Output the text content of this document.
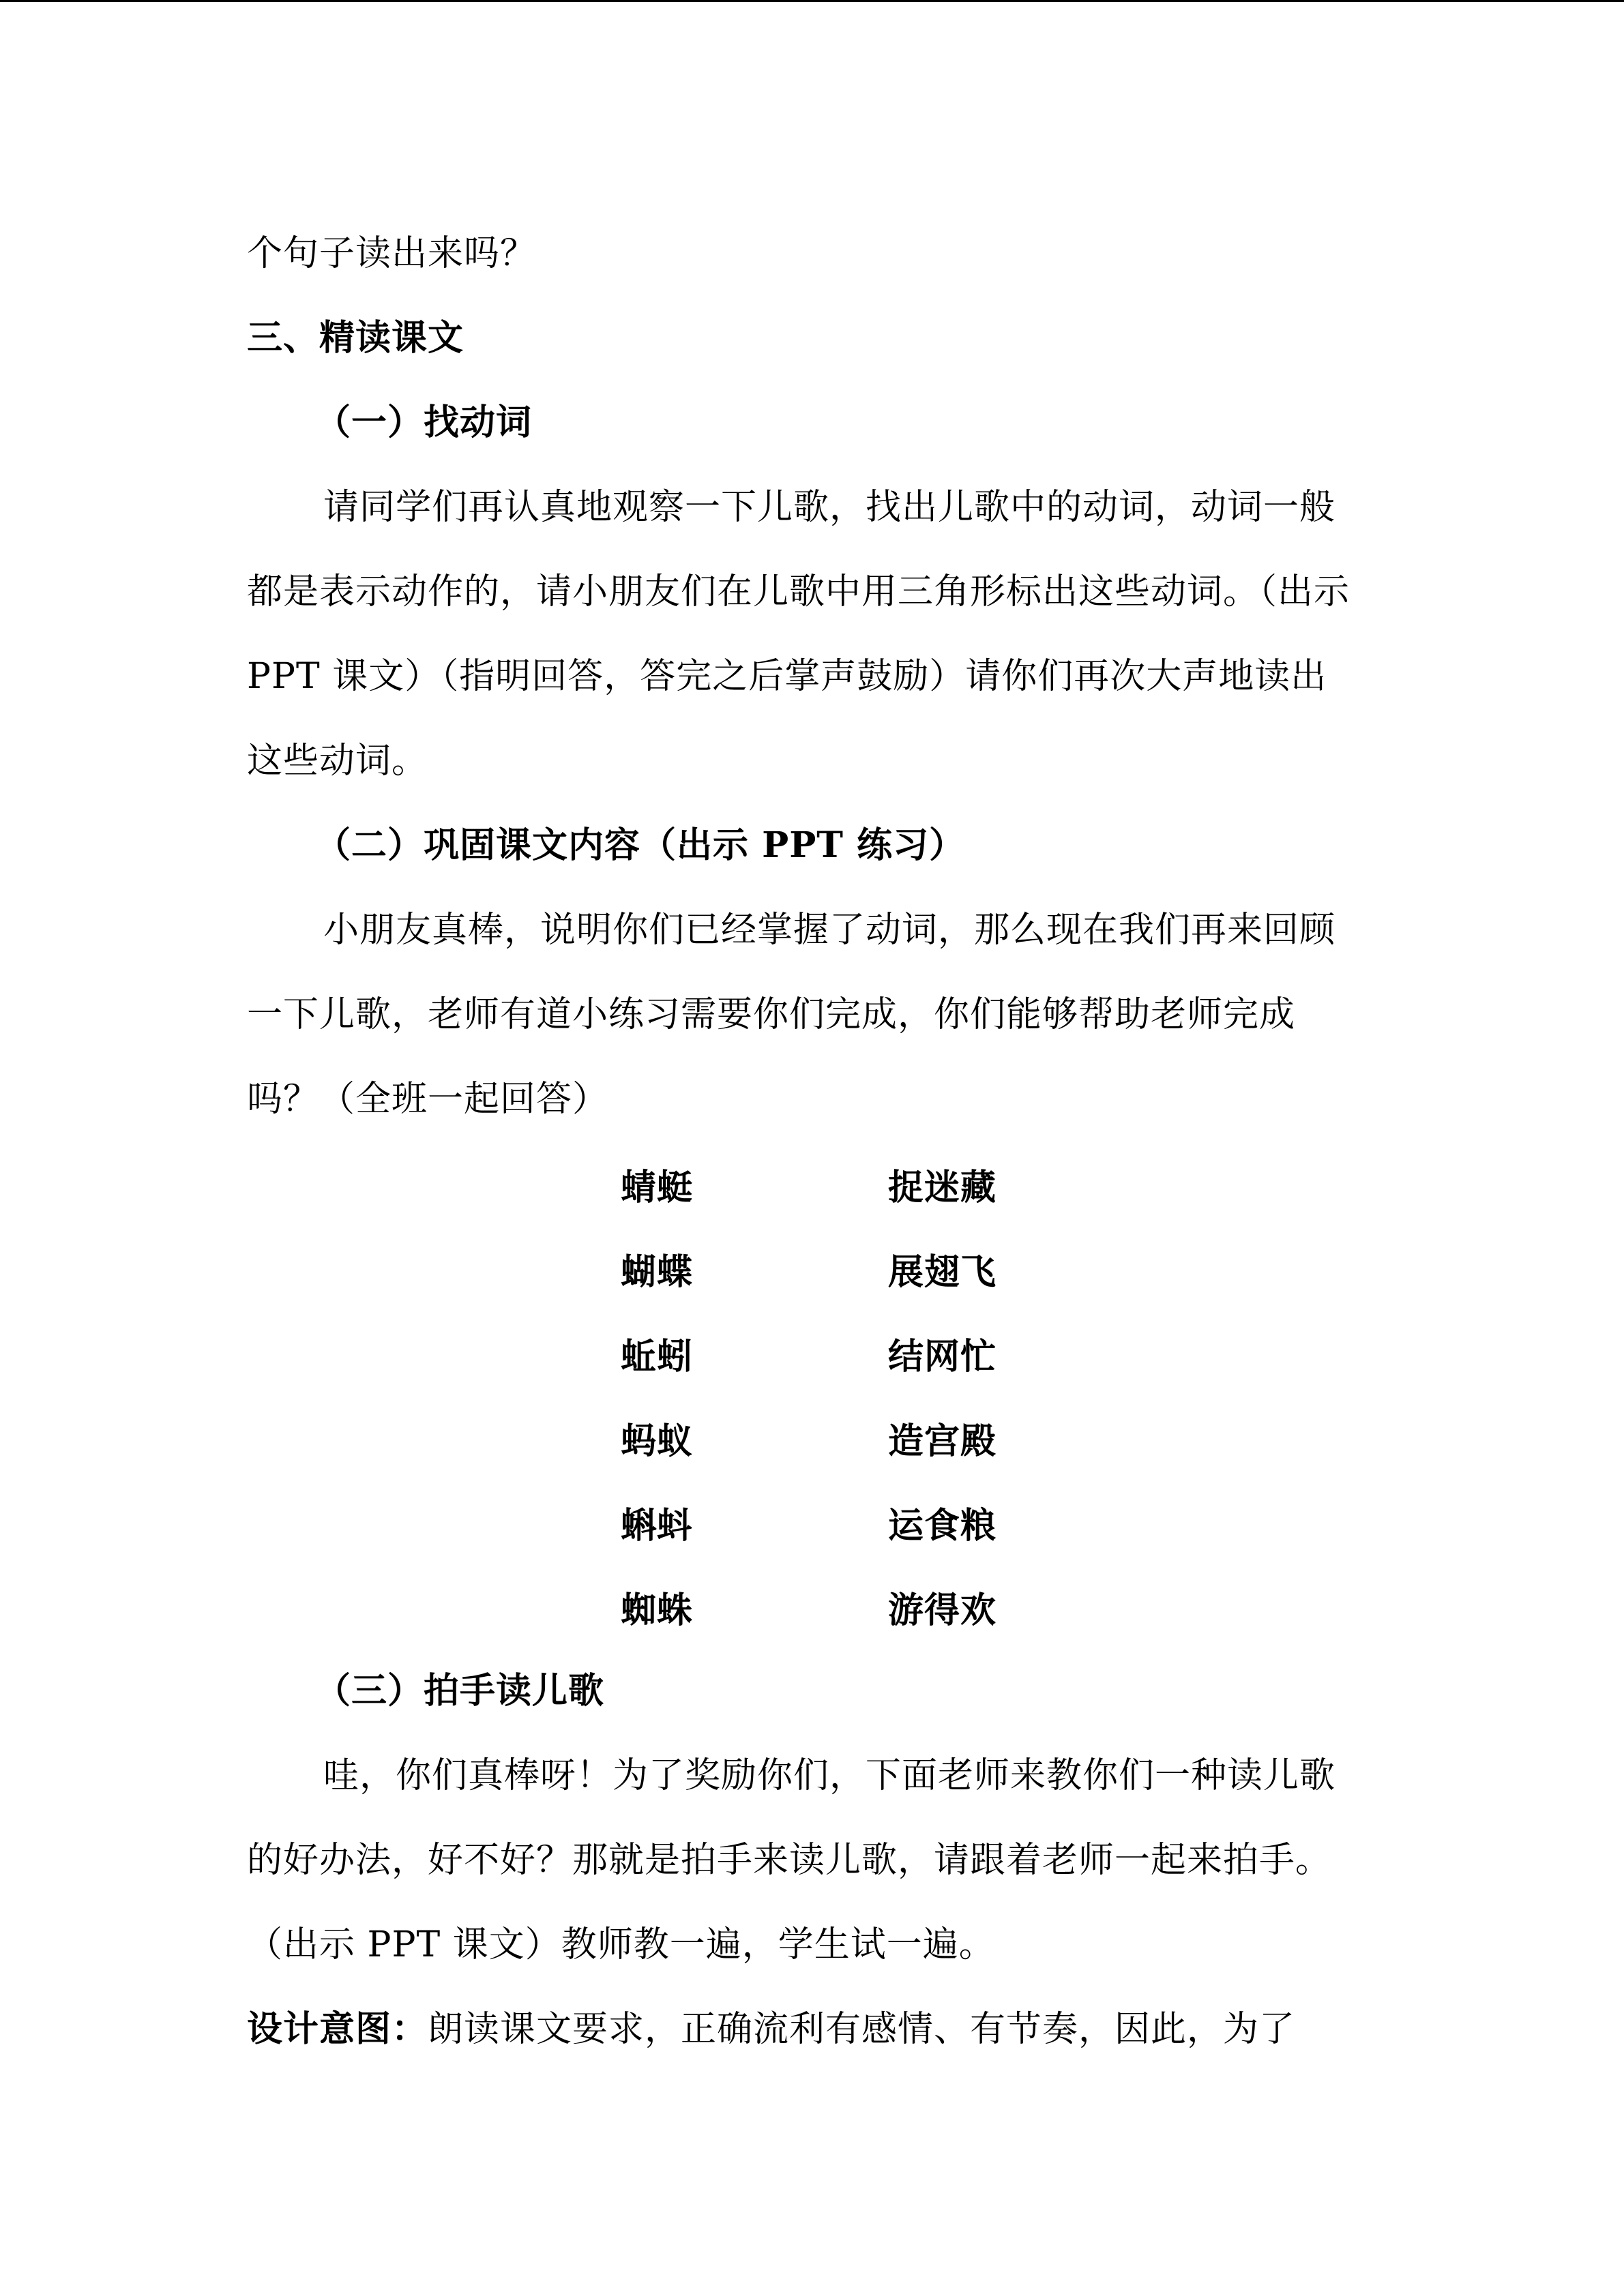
个句子读出来吗？
三、精读课文
（一）找动词
请同学们再认真地观察一下儿歌，找出儿歌中的动词，动词一般都是表示动作的，请小朋友们在儿歌中用三角形标出这些动词。（出示 PPT 课文）（指明回答，答完之后掌声鼓励）请你们再次大声地读出这些动词。
（二）巩固课文内容（出示 PPT 练习）
小朋友真棒，说明你们已经掌握了动词，那么现在我们再来回顾一下儿歌，老师有道小练习需要你们完成，你们能够帮助老师完成吗？（全班一起回答）
蜻蜓	捉迷藏
蝴蝶	展翅飞
蚯蚓	结网忙
蚂蚁	造宫殿
蝌蚪	运食粮
蜘蛛	游得欢
（三）拍手读儿歌
哇，你们真棒呀！为了奖励你们，下面老师来教你们一种读儿歌的好办法，好不好？那就是拍手来读儿歌，请跟着老师一起来拍手。（出示 PPT 课文）教师教一遍，学生试一遍。
设计意图：朗读课文要求，正确流利有感情、有节奏，因此，为了
